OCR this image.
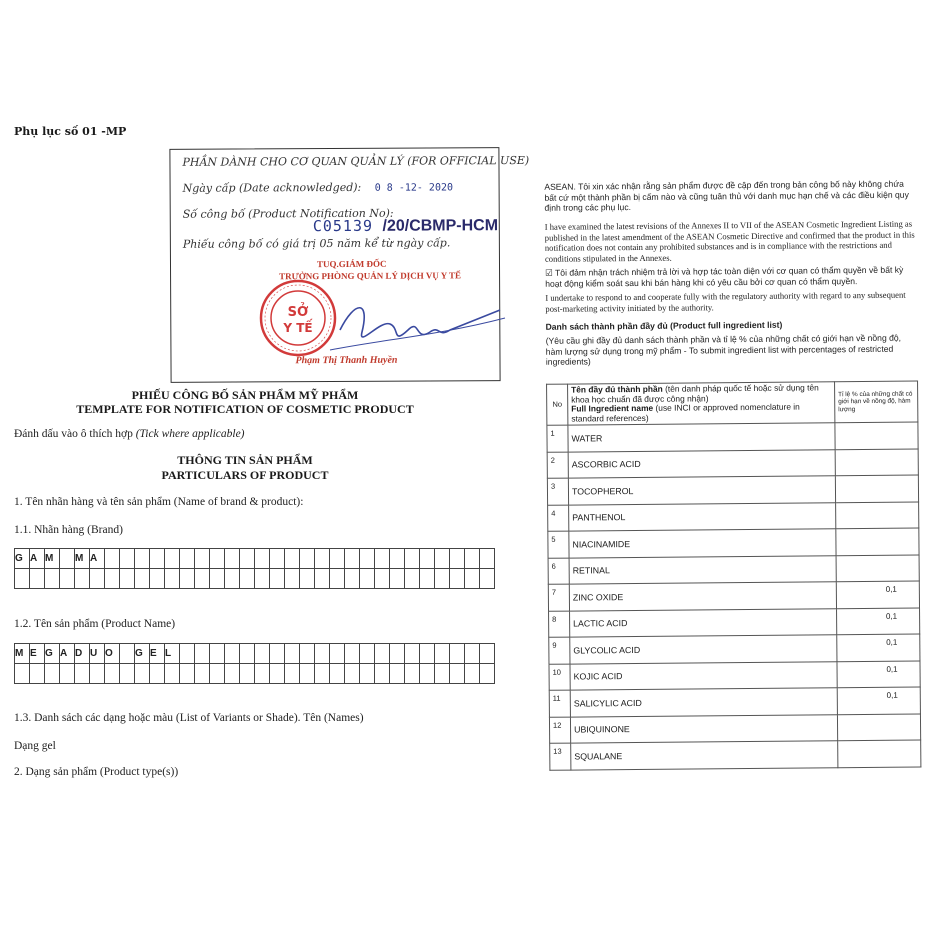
Phụ lục số 01 -MP
PHẦN DÀNH CHO CƠ QUAN QUẢN LÝ (FOR OFFICIAL USE)
Ngày cấp (Date acknowledged): 0 8 -12- 2020
Số công bố (Product Notification No):
C05139 /20/CBMP-HCM
Phiếu công bố có giá trị 05 năm kể từ ngày cấp.
TUQ.GIÁM ĐỐC
TRƯỞNG PHÒNG QUẢN LÝ DỊCH VỤ Y TẾ
Phạm Thị Thanh Huyền
SỞ
Y TẾ
PHIẾU CÔNG BỐ SẢN PHẨM MỸ PHẨM
TEMPLATE FOR NOTIFICATION OF COSMETIC PRODUCT
Đánh dấu vào ô thích hợp (Tick where applicable)
THÔNG TIN SẢN PHẨM
PARTICULARS OF PRODUCT
1. Tên nhãn hàng và tên sản phẩm (Name of brand & product):
1.1. Nhãn hàng (Brand)
G	A	M		M	A																										

1.2. Tên sản phẩm (Product Name)
M	E	G	A	D	U	O		G	E	L																					

1.3. Danh sách các dạng hoặc màu (List of Variants or Shade). Tên (Names)
Dạng gel
2. Dạng sản phẩm (Product type(s))
ASEAN. Tôi xin xác nhận rằng sản phẩm được đề cập đến trong bản công bố này không chứa bất cứ một thành phần bị cấm nào và cũng tuân thủ với danh mục hạn chế và các điều kiện quy định trong các phụ lục.
I have examined the latest revisions of the Annexes II to VII of the ASEAN Cosmetic Ingredient Listing as published in the latest amendment of the ASEAN Cosmetic Directive and confirmed that the product in this notification does not contain any prohibited substances and is in compliance with the restrictions and conditions stipulated in the Annexes.
☑ Tôi đảm nhận trách nhiệm trả lời và hợp tác toàn diện với cơ quan có thẩm quyền về bất kỳ hoạt động kiểm soát sau khi bán hàng khi có yêu cầu bởi cơ quan có thẩm quyền.
I undertake to respond to and cooperate fully with the regulatory authority with regard to any subsequent post-marketing activity initiated by the authority.
Danh sách thành phần đầy đủ (Product full ingredient list)
(Yêu cầu ghi đầy đủ danh sách thành phần và tỉ lệ % của những chất có giới hạn về nồng độ, hàm lượng sử dụng trong mỹ phẩm - To submit ingredient list with percentages of restricted ingredients)
No	Tên đầy đủ thành phần (tên danh pháp quốc tế hoặc sử dụng tên khoa học chuẩn đã được công nhận)
Full Ingredient name (use INCI or approved nomenclature in standard references)	Tỉ lệ % của những chất có giới hạn về nồng độ, hàm lượng
1	WATER	
2	ASCORBIC ACID	
3	TOCOPHEROL	
4	PANTHENOL	
5	NIACINAMIDE	
6	RETINAL	
7	ZINC OXIDE	0,1
8	LACTIC ACID	0,1
9	GLYCOLIC ACID	0,1
10	KOJIC ACID	0,1
11	SALICYLIC ACID	0,1
12	UBIQUINONE	
13	SQUALANE	
